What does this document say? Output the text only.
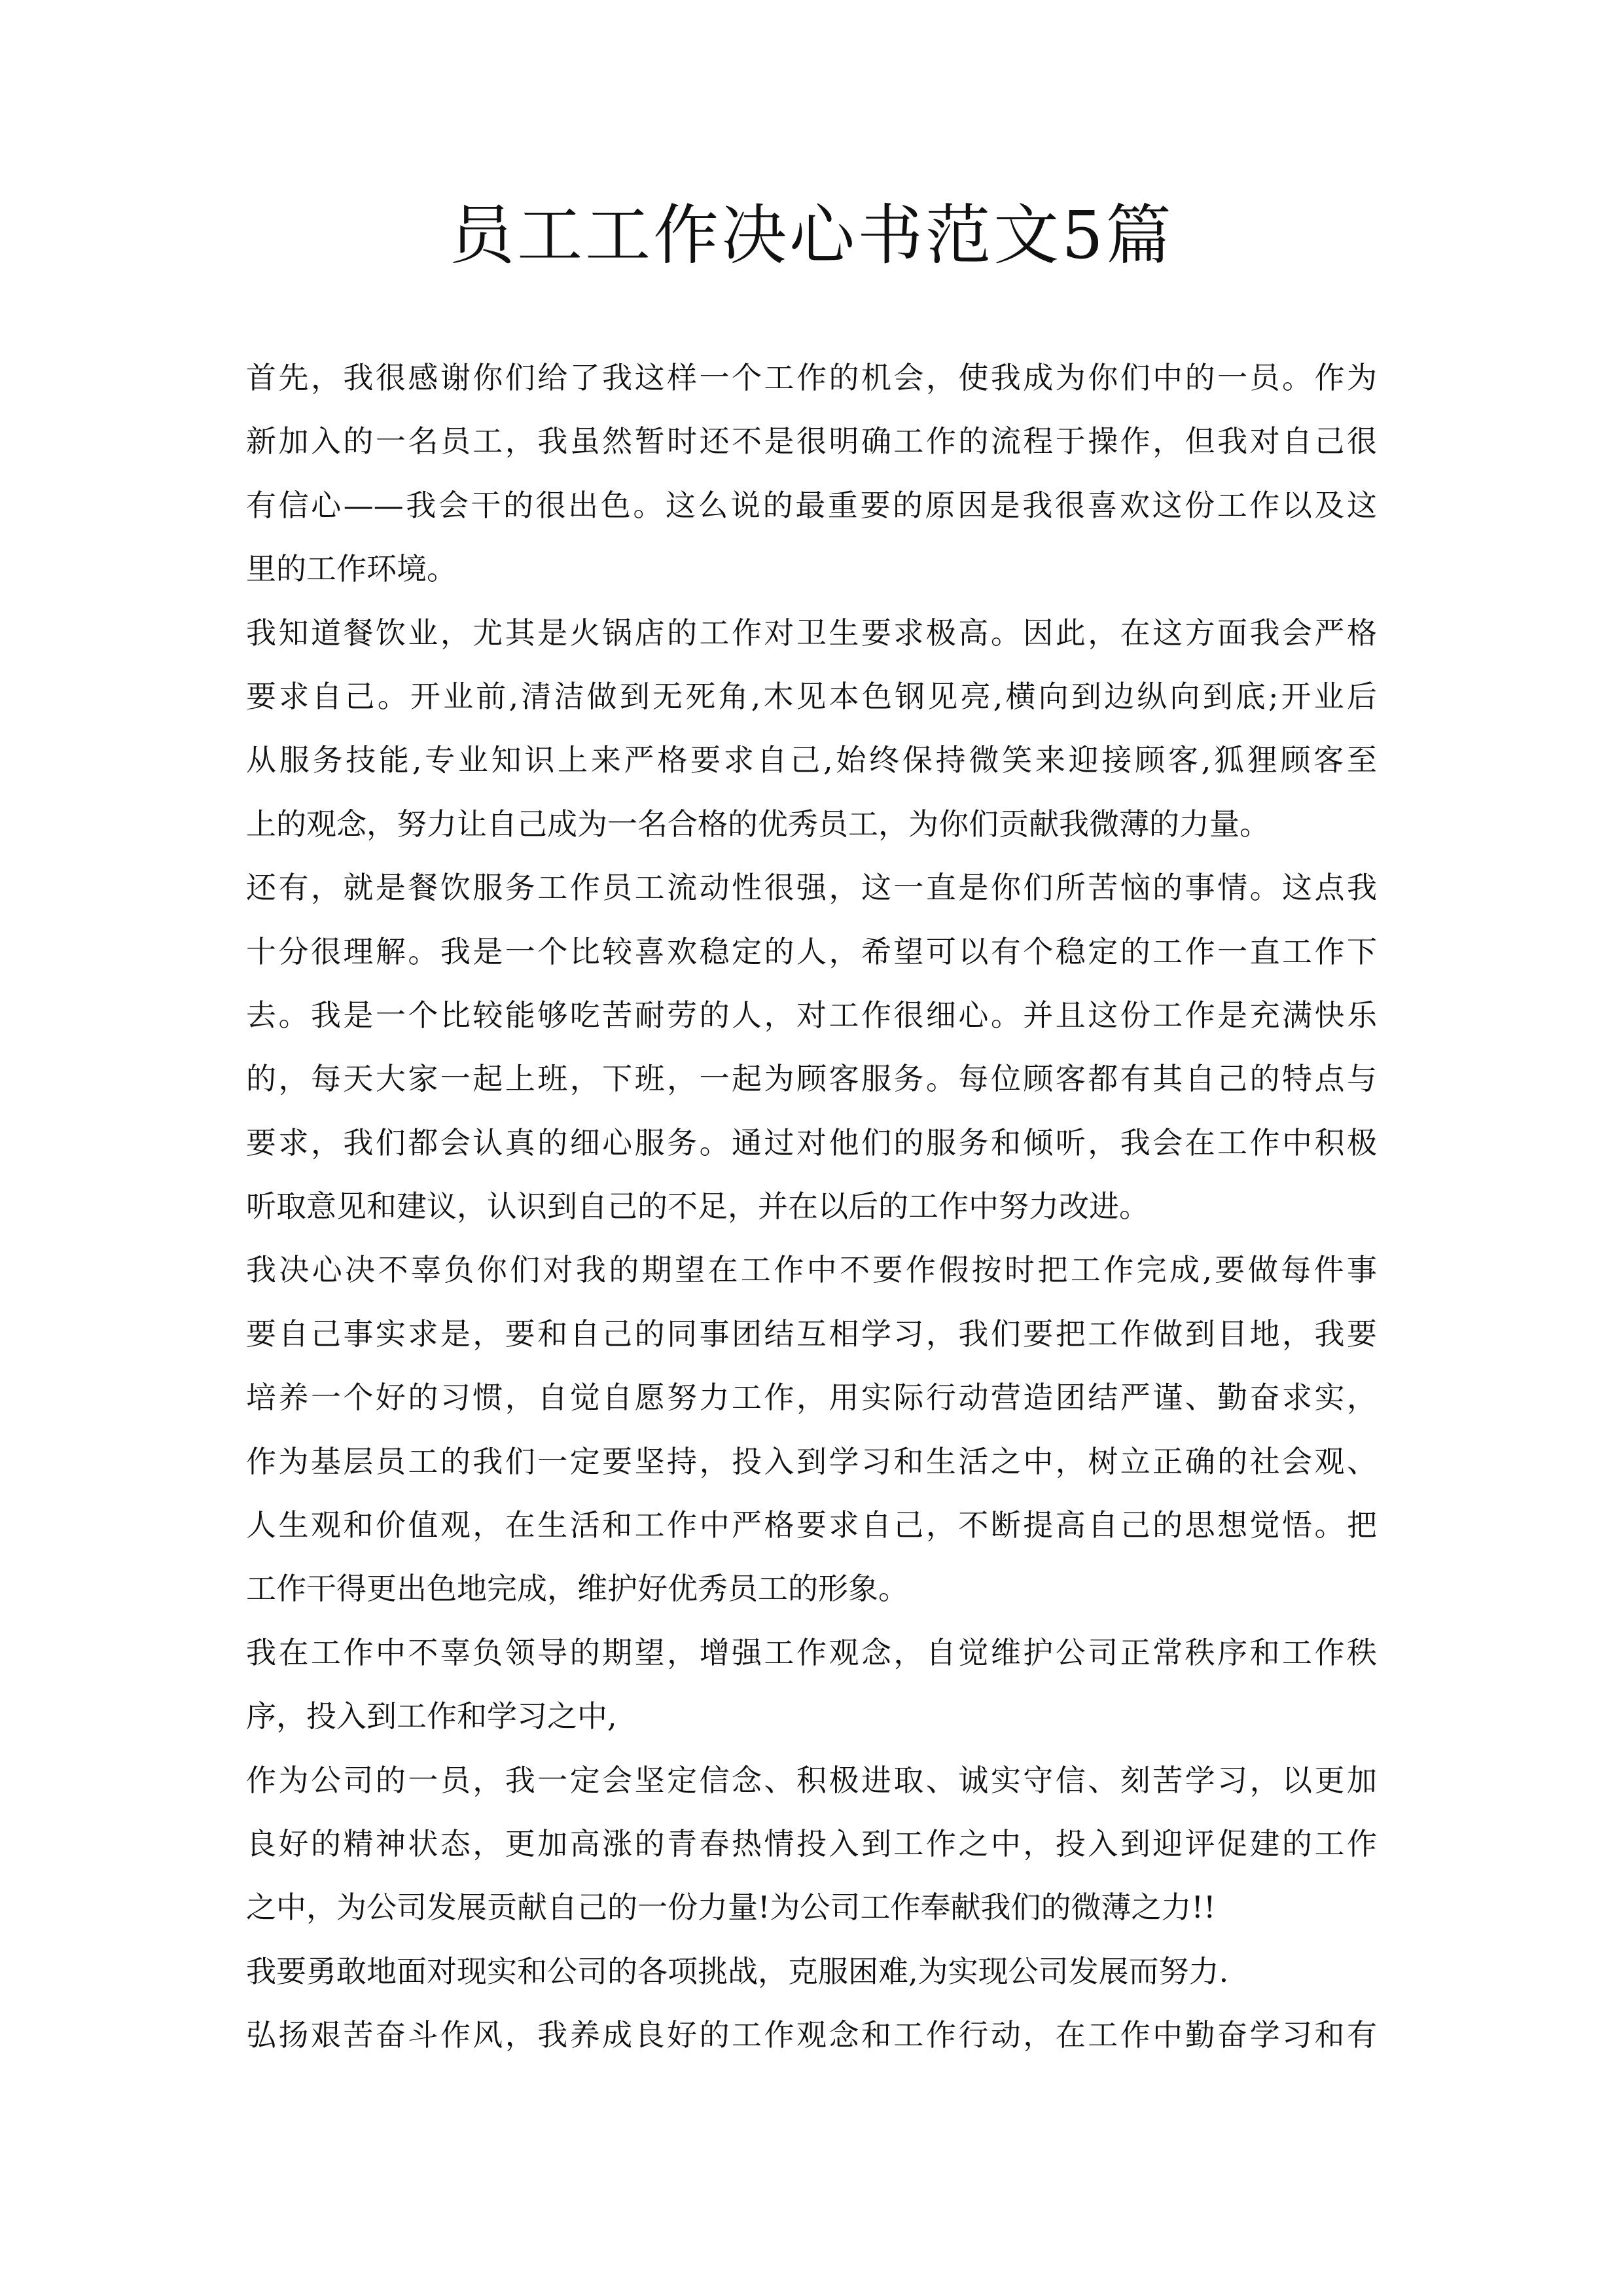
员工工作决心书范文5篇
首先，我很感谢你们给了我这样一个工作的机会，使我成为你们中的一员。作为
新加入的一名员工，我虽然暂时还不是很明确工作的流程于操作，但我对自己很
有信心——我会干的很出色。这么说的最重要的原因是我很喜欢这份工作以及这
里的工作环境。
我知道餐饮业，尤其是火锅店的工作对卫生要求极高。因此，在这方面我会严格
要求自己。开业前,清洁做到无死角,木见本色钢见亮,横向到边纵向到底;开业后
从服务技能,专业知识上来严格要求自己,始终保持微笑来迎接顾客,狐狸顾客至
上的观念，努力让自己成为一名合格的优秀员工，为你们贡献我微薄的力量。
还有，就是餐饮服务工作员工流动性很强，这一直是你们所苦恼的事情。这点我
十分很理解。我是一个比较喜欢稳定的人，希望可以有个稳定的工作一直工作下
去。我是一个比较能够吃苦耐劳的人，对工作很细心。并且这份工作是充满快乐
的，每天大家一起上班，下班，一起为顾客服务。每位顾客都有其自己的特点与
要求，我们都会认真的细心服务。通过对他们的服务和倾听，我会在工作中积极
听取意见和建议，认识到自己的不足，并在以后的工作中努力改进。
我决心决不辜负你们对我的期望在工作中不要作假按时把工作完成,要做每件事
要自己事实求是，要和自己的同事团结互相学习，我们要把工作做到目地，我要
培养一个好的习惯，自觉自愿努力工作，用实际行动营造团结严谨、勤奋求实，
作为基层员工的我们一定要坚持，投入到学习和生活之中，树立正确的社会观、
人生观和价值观，在生活和工作中严格要求自己，不断提高自己的思想觉悟。把
工作干得更出色地完成，维护好优秀员工的形象。
我在工作中不辜负领导的期望，增强工作观念，自觉维护公司正常秩序和工作秩
序，投入到工作和学习之中,
作为公司的一员，我一定会坚定信念、积极进取、诚实守信、刻苦学习，以更加
良好的精神状态，更加高涨的青春热情投入到工作之中，投入到迎评促建的工作
之中，为公司发展贡献自己的一份力量!为公司工作奉献我们的微薄之力!!
我要勇敢地面对现实和公司的各项挑战，克服困难,为实现公司发展而努力.
弘扬艰苦奋斗作风，我养成良好的工作观念和工作行动，在工作中勤奋学习和有
